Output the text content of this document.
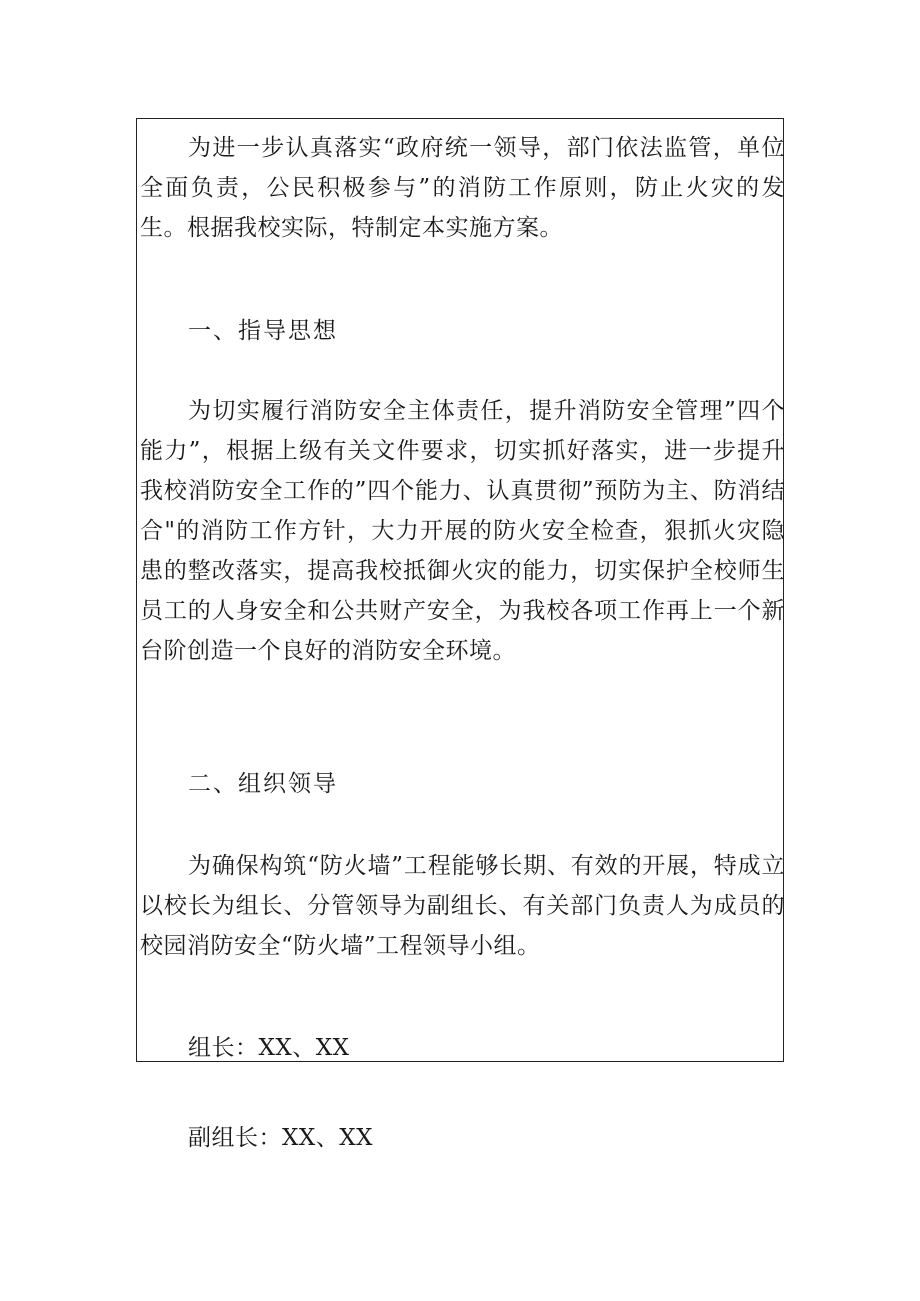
为进一步认真落实“政府统一领导，部门依法监管，单位全面负责，公民积极参与”的消防工作原则，防止火灾的发生。根据我校实际，特制定本实施方案。

一、指导思想

为切实履行消防安全主体责任，提升消防安全管理”四个能力”，根据上级有关文件要求，切实抓好落实，进一步提升我校消防安全工作的”四个能力、认真贯彻”预防为主、防消结合"的消防工作方针，大力开展的防火安全检查，狠抓火灾隐患的整改落实，提高我校抵御火灾的能力，切实保护全校师生员工的人身安全和公共财产安全，为我校各项工作再上一个新台阶创造一个良好的消防安全环境。

二、组织领导

为确保构筑“防火墙”工程能够长期、有效的开展，特成立以校长为组长、分管领导为副组长、有关部门负责人为成员的校园消防安全“防火墙”工程领导小组。

组长：XX、XX

副组长：XX、XX
